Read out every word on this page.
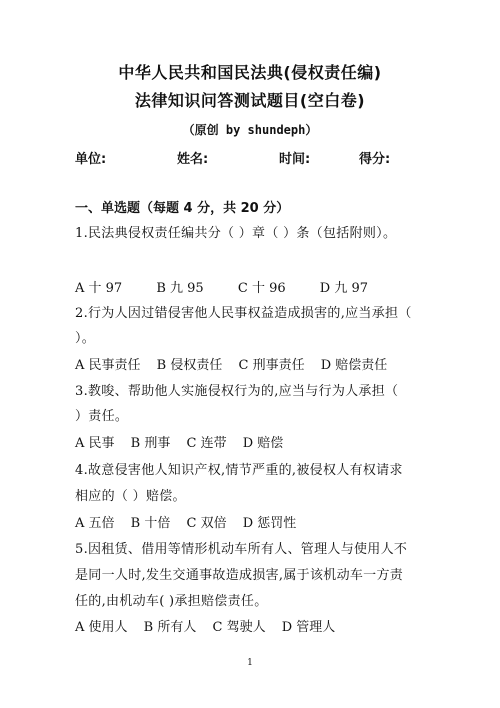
中华人民共和国民法典(侵权责任编)
法律知识问答测试题目(空白卷)
（原创 by shundeph）
单位:	姓名:	时间:	得分:
一、单选题（每题 4 分，共 20 分）
1.民法典侵权责任编共分（ ）章（ ）条（包括附则）。
A 十 97	B 九 95	C 十 96	D 九 97
2.行为人因过错侵害他人民事权益造成损害的,应当承担（
）。
A 民事责任 B 侵权责任 C 刑事责任 D 赔偿责任
3.教唆、帮助他人实施侵权行为的,应当与行为人承担（
）责任。
A 民事 B 刑事 C 连带 D 赔偿
4.故意侵害他人知识产权,情节严重的,被侵权人有权请求
相应的（ ）赔偿。
A 五倍 B 十倍 C 双倍 D 惩罚性
5.因租赁、借用等情形机动车所有人、管理人与使用人不
是同一人时,发生交通事故造成损害,属于该机动车一方责
任的,由机动车( )承担赔偿责任。
A 使用人 B 所有人 C 驾驶人 D 管理人
1
